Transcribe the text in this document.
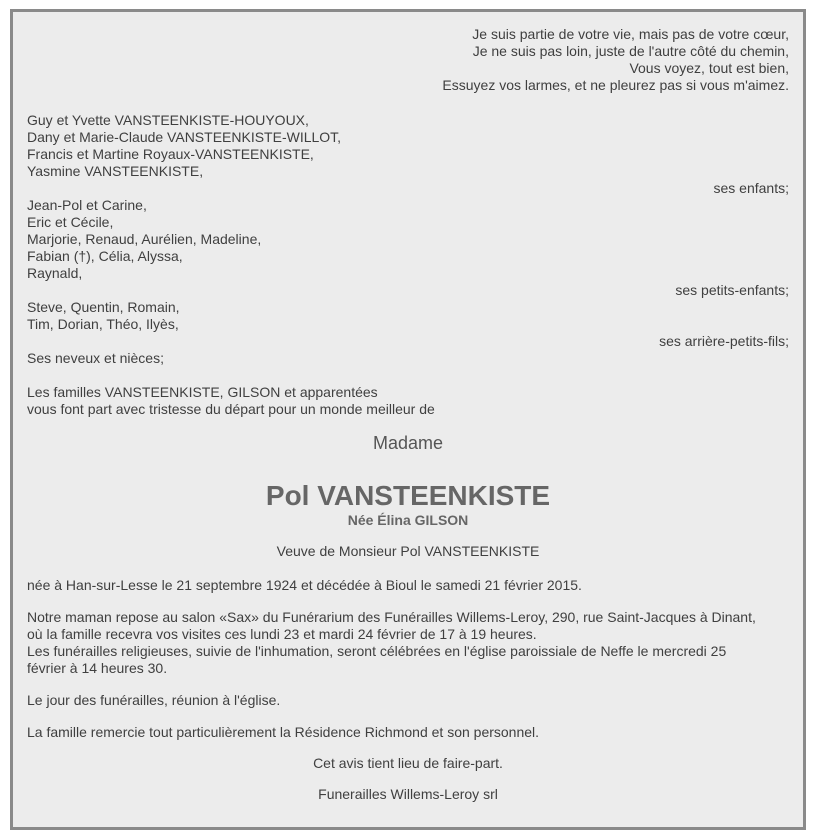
Je suis partie de votre vie, mais pas de votre cœur,
Je ne suis pas loin, juste de l'autre côté du chemin,
Vous voyez, tout est bien,
Essuyez vos larmes, et ne pleurez pas si vous m'aimez.
Guy et Yvette VANSTEENKISTE-HOUYOUX,
Dany et Marie-Claude VANSTEENKISTE-WILLOT,
Francis et Martine Royaux-VANSTEENKISTE,
Yasmine VANSTEENKISTE,
ses enfants;
Jean-Pol et Carine,
Eric et Cécile,
Marjorie, Renaud, Aurélien, Madeline,
Fabian (†), Célia, Alyssa,
Raynald,
ses petits-enfants;
Steve, Quentin, Romain,
Tim, Dorian, Théo, Ilyès,
ses arrière-petits-fils;
Ses neveux et nièces;
Les familles VANSTEENKISTE, GILSON et apparentées
vous font part avec tristesse du départ pour un monde meilleur de
Madame
Pol VANSTEENKISTE
Née Élina GILSON
Veuve de Monsieur Pol VANSTEENKISTE
née à Han-sur-Lesse le 21 septembre 1924 et décédée à Bioul le samedi 21 février 2015.
Notre maman repose au salon «Sax» du Funérarium des Funérailles Willems-Leroy, 290, rue Saint-Jacques à Dinant,
où la famille recevra vos visites ces lundi 23 et mardi 24 février de 17 à 19 heures.
Les funérailles religieuses, suivie de l'inhumation, seront célébrées en l'église paroissiale de Neffe le mercredi 25
février à 14 heures 30.
Le jour des funérailles, réunion à l'église.
La famille remercie tout particulièrement la Résidence Richmond et son personnel.
Cet avis tient lieu de faire-part.
Funerailles Willems-Leroy srl
